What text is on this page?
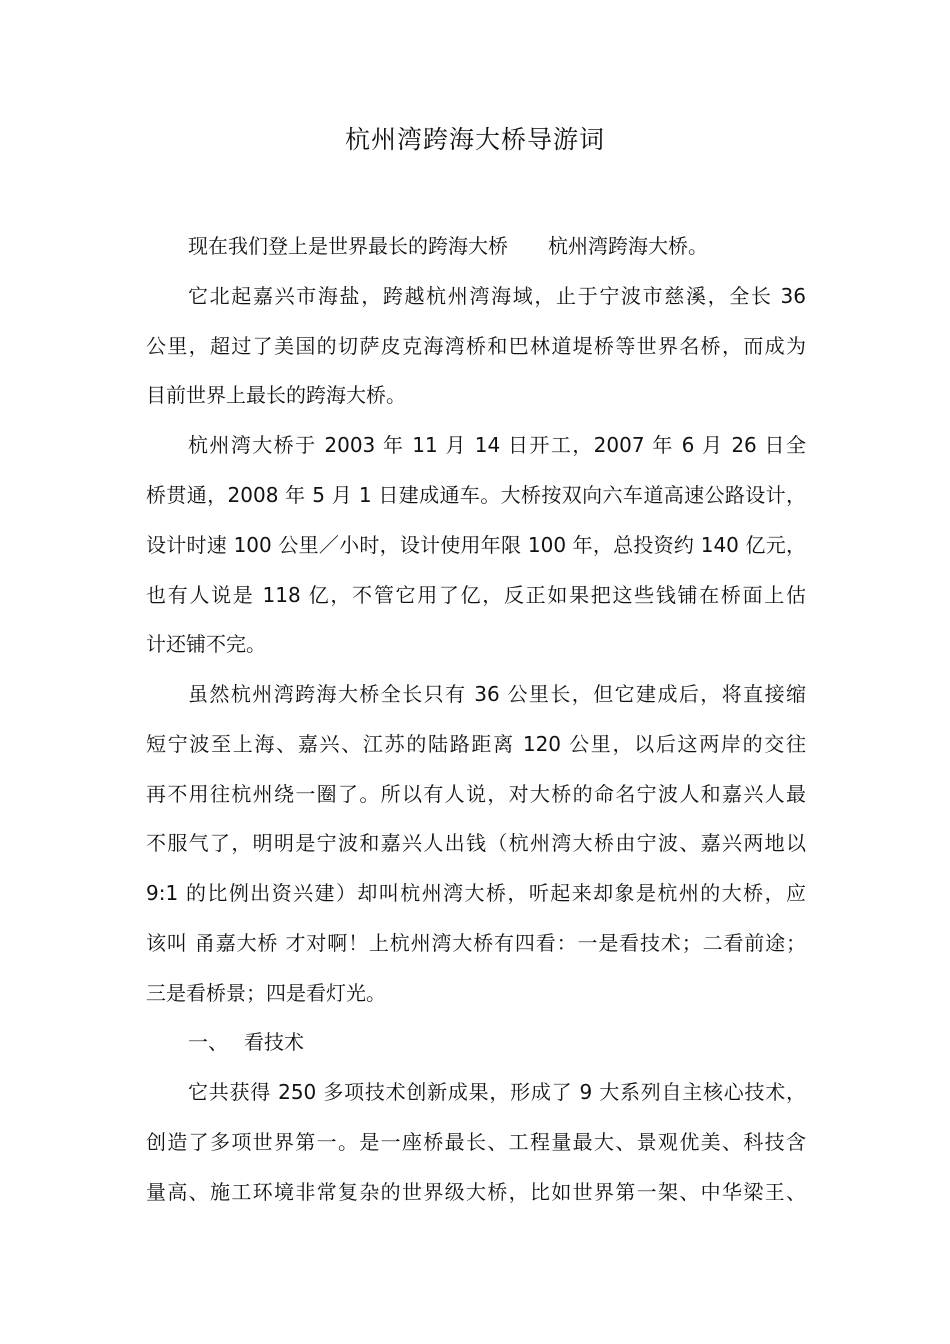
杭州湾跨海大桥导游词
现在我们登上是世界最长的跨海大桥　　杭州湾跨海大桥。
它北起嘉兴市海盐，跨越杭州湾海域，止于宁波市慈溪，全长 36
公里，超过了美国的切萨皮克海湾桥和巴林道堤桥等世界名桥，而成为
目前世界上最长的跨海大桥。
杭州湾大桥于 2003 年 11 月 14 日开工，2007 年 6 月 26 日全
桥贯通，2008 年 5 月 1 日建成通车。大桥按双向六车道高速公路设计，
设计时速 100 公里／小时，设计使用年限 100 年，总投资约 140 亿元，
也有人说是 118 亿，不管它用了亿，反正如果把这些钱铺在桥面上估
计还铺不完。
虽然杭州湾跨海大桥全长只有 36 公里长，但它建成后，将直接缩
短宁波至上海、嘉兴、江苏的陆路距离 120 公里，以后这两岸的交往
再不用往杭州绕一圈了。所以有人说，对大桥的命名宁波人和嘉兴人最
不服气了，明明是宁波和嘉兴人出钱（杭州湾大桥由宁波、嘉兴两地以
9:1 的比例出资兴建）却叫杭州湾大桥，听起来却象是杭州的大桥，应
该叫 甬嘉大桥 才对啊！上杭州湾大桥有四看：一是看技术；二看前途；
三是看桥景；四是看灯光。
一、 看技术
它共获得 250 多项技术创新成果，形成了 9 大系列自主核心技术，
创造了多项世界第一。是一座桥最长、工程量最大、景观优美、科技含
量高、施工环境非常复杂的世界级大桥，比如世界第一架、中华梁王、
